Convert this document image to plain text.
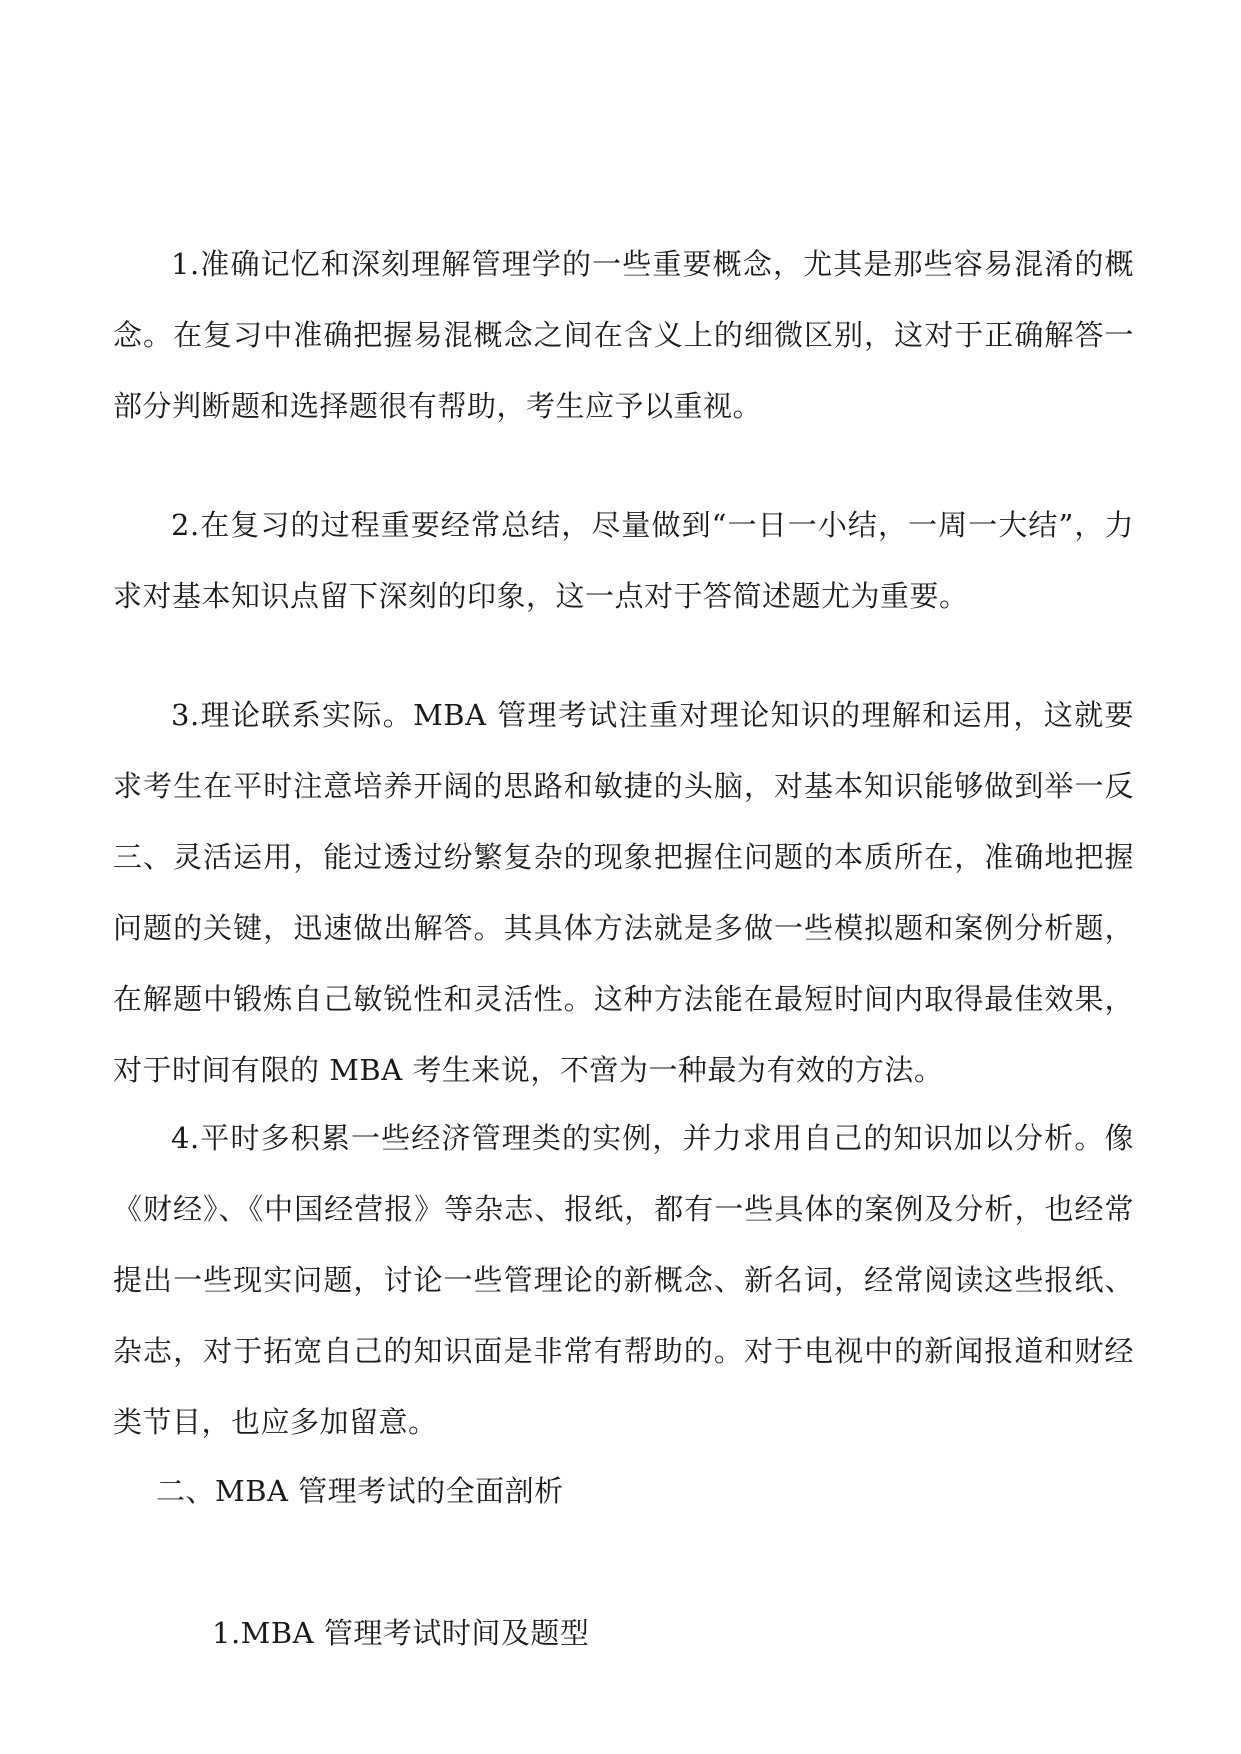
1.准确记忆和深刻理解管理学的一些重要概念，尤其是那些容易混淆的概念。在复习中准确把握易混概念之间在含义上的细微区别，这对于正确解答一部分判断题和选择题很有帮助，考生应予以重视。

2.在复习的过程重要经常总结，尽量做到“一日一小结，一周一大结”，力求对基本知识点留下深刻的印象，这一点对于答简述题尤为重要。

3.理论联系实际。MBA 管理考试注重对理论知识的理解和运用，这就要求考生在平时注意培养开阔的思路和敏捷的头脑，对基本知识能够做到举一反三、灵活运用，能过透过纷繁复杂的现象把握住问题的本质所在，准确地把握问题的关键，迅速做出解答。其具体方法就是多做一些模拟题和案例分析题，在解题中锻炼自己敏锐性和灵活性。这种方法能在最短时间内取得最佳效果，对于时间有限的 MBA 考生来说，不啻为一种最为有效的方法。

4.平时多积累一些经济管理类的实例，并力求用自己的知识加以分析。像《财经》、《中国经营报》等杂志、报纸，都有一些具体的案例及分析，也经常提出一些现实问题，讨论一些管理论的新概念、新名词，经常阅读这些报纸、杂志，对于拓宽自己的知识面是非常有帮助的。对于电视中的新闻报道和财经类节目，也应多加留意。

二、MBA 管理考试的全面剖析

1.MBA 管理考试时间及题型
